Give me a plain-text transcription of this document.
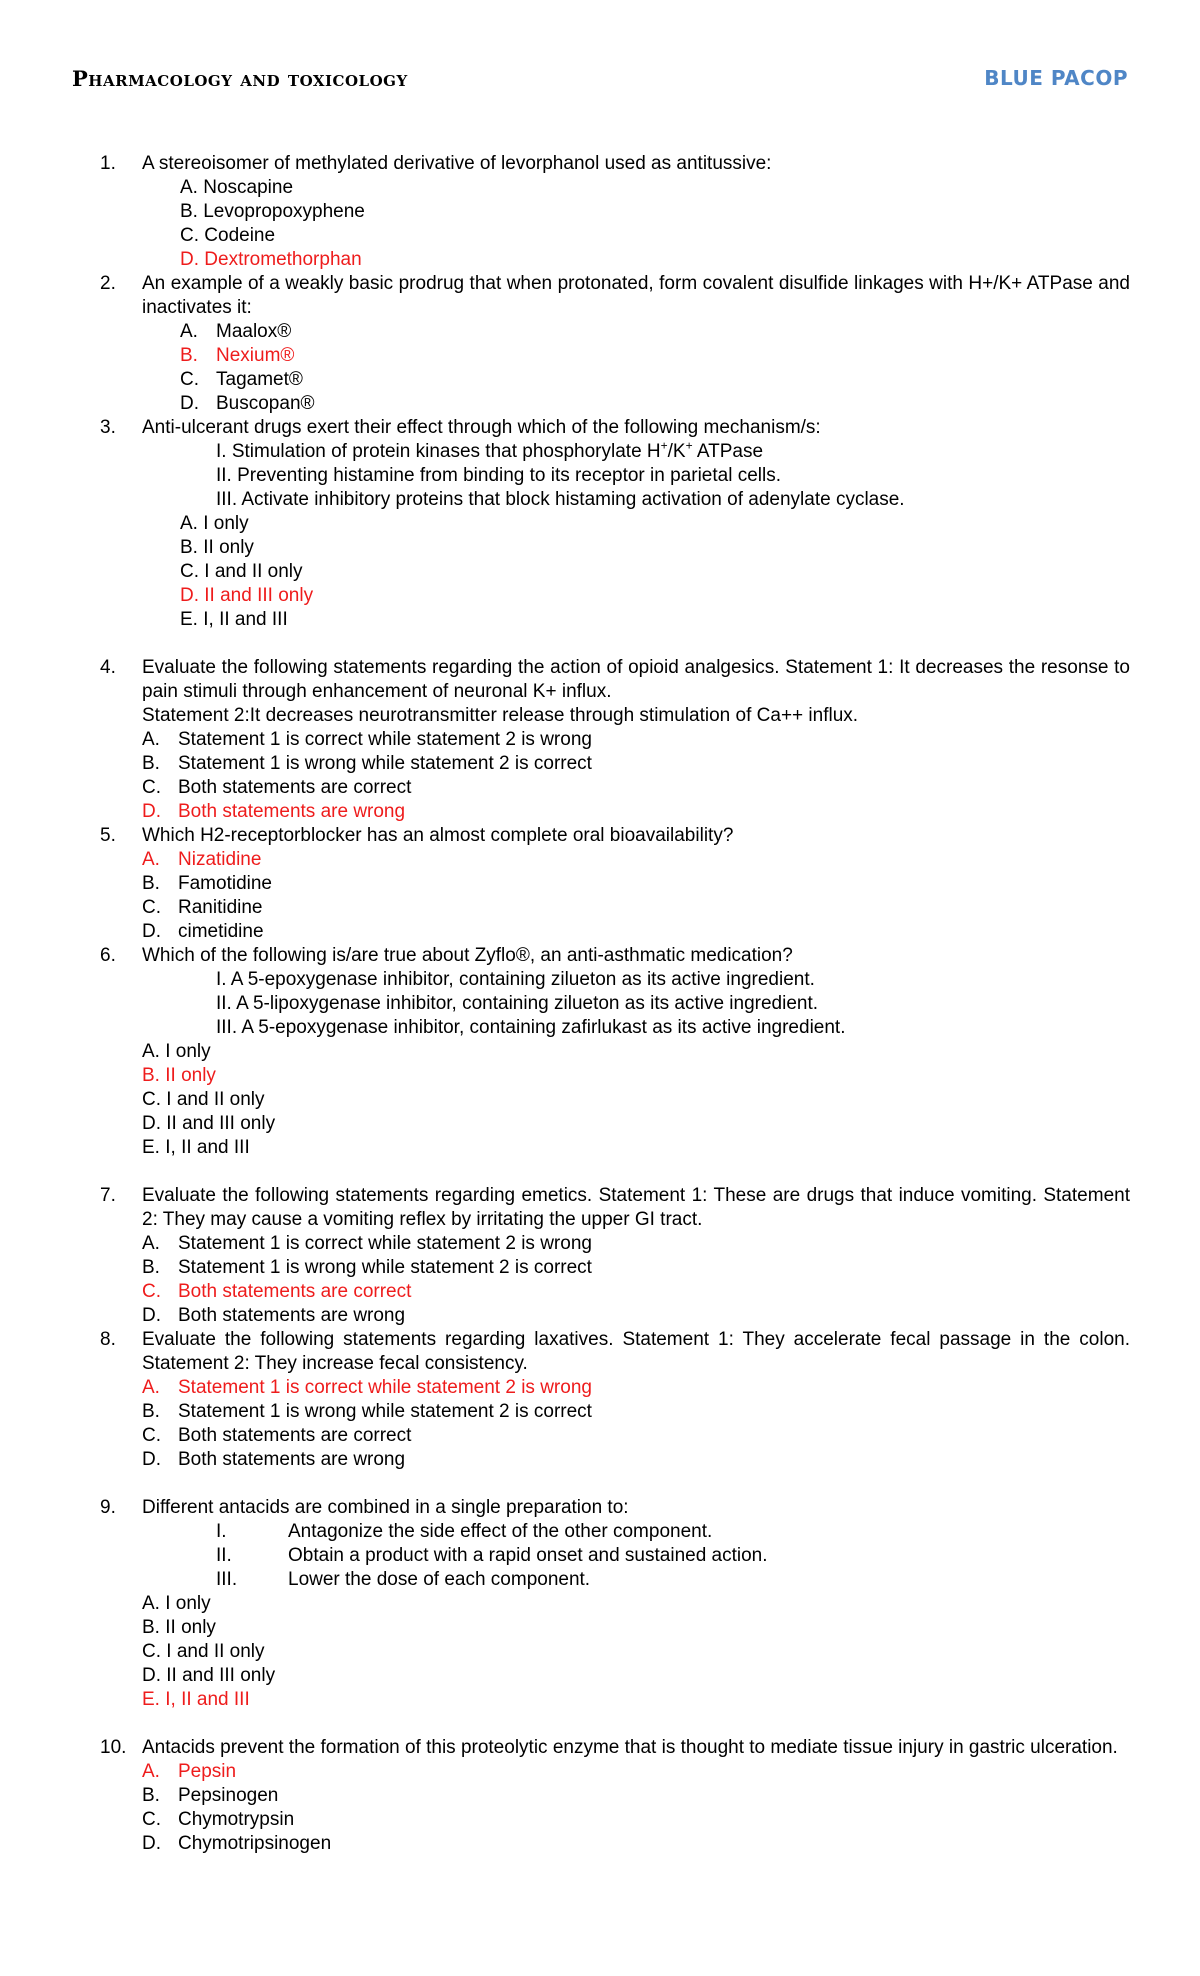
Pharmacology and toxicology	BLUE PACOP
1.	A stereoisomer of methylated derivative of levorphanol used as antitussive:
A. Noscapine
B. Levopropoxyphene
C. Codeine
D. Dextromethorphan
2.	An example of a weakly basic prodrug that when protonated, form covalent disulfide linkages with H+/K+ ATPase and inactivates it:
A. Maalox®
B. Nexium®
C. Tagamet®
D. Buscopan®
3.	Anti-ulcerant drugs exert their effect through which of the following mechanism/s:
I. Stimulation of protein kinases that phosphorylate H+/K+ ATPase
II. Preventing histamine from binding to its receptor in parietal cells.
III. Activate inhibitory proteins that block histaming activation of adenylate cyclase.
A. I only
B. II only
C. I and II only
D. II and III only
E. I, II and III
4.	Evaluate the following statements regarding the action of opioid analgesics. Statement 1: It decreases the resonse to pain stimuli through enhancement of neuronal K+ influx.
Statement 2:It decreases neurotransmitter release through stimulation of Ca++ influx.
A. Statement 1 is correct while statement 2 is wrong
B. Statement 1 is wrong while statement 2 is correct
C. Both statements are correct
D. Both statements are wrong
5.	Which H2-receptorblocker has an almost complete oral bioavailability?
A. Nizatidine
B. Famotidine
C. Ranitidine
D. cimetidine
6.	Which of the following is/are true about Zyflo®, an anti-asthmatic medication?
I. A 5-epoxygenase inhibitor, containing zilueton as its active ingredient.
II. A 5-lipoxygenase inhibitor, containing zilueton as its active ingredient.
III. A 5-epoxygenase inhibitor, containing zafirlukast as its active ingredient.
A. I only
B. II only
C. I and II only
D. II and III only
E. I, II and III
7.	Evaluate the following statements regarding emetics. Statement 1: These are drugs that induce vomiting. Statement 2: They may cause a vomiting reflex by irritating the upper GI tract.
A. Statement 1 is correct while statement 2 is wrong
B. Statement 1 is wrong while statement 2 is correct
C. Both statements are correct
D. Both statements are wrong
8.	Evaluate the following statements regarding laxatives. Statement 1: They accelerate fecal passage in the colon. Statement 2: They increase fecal consistency.
A. Statement 1 is correct while statement 2 is wrong
B. Statement 1 is wrong while statement 2 is correct
C. Both statements are correct
D. Both statements are wrong
9.	Different antacids are combined in a single preparation to:
I.	Antagonize the side effect of the other component.
II.	Obtain a product with a rapid onset and sustained action.
III.	Lower the dose of each component.
A. I only
B. II only
C. I and II only
D. II and III only
E. I, II and III
10. Antacids prevent the formation of this proteolytic enzyme that is thought to mediate tissue injury in gastric ulceration.
A. Pepsin
B. Pepsinogen
C. Chymotrypsin
D. Chymotripsinogen
